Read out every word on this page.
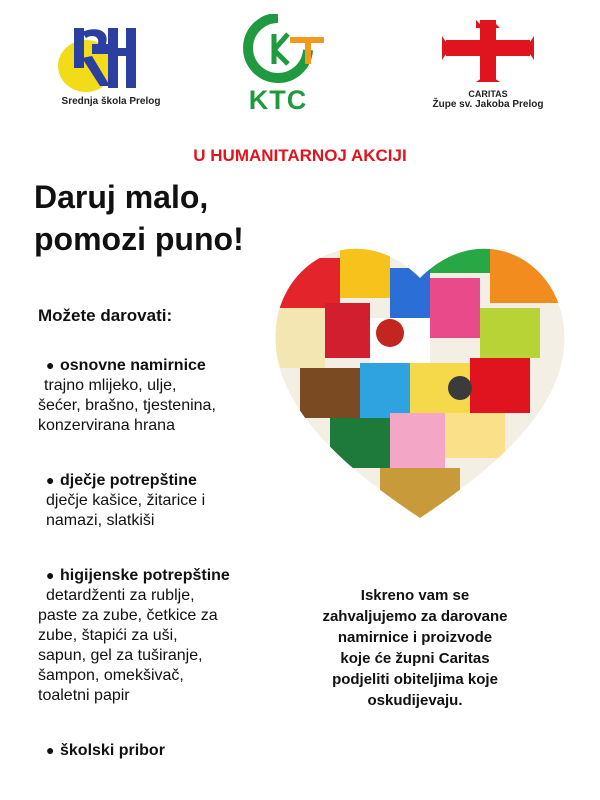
Srednja škola Prelog	KTC	CARITAS
Župe sv. Jakoba Prelog
U HUMANITARNOJ AKCIJI
Daruj malo,
pomozi puno!
Možete darovati:
● osnovne namirnice
trajno mlijeko, ulje,
šećer, brašno, tjestenina,
konzervirana hrana
● dječje potrepštine
dječje kašice, žitarice i
namazi, slatkiši
● higijenske potrepštine
detardženti za rublje,
paste za zube, četkice za
zube, štapići za uši,
sapun, gel za tuširanje,
šampon, omekšivač,
toaletni papir
● školski pribor
Iskreno vam se
zahvaljujemo za darovane
namirnice i proizvode
koje će župni Caritas
podjeliti obiteljima koje
oskudijevaju.
